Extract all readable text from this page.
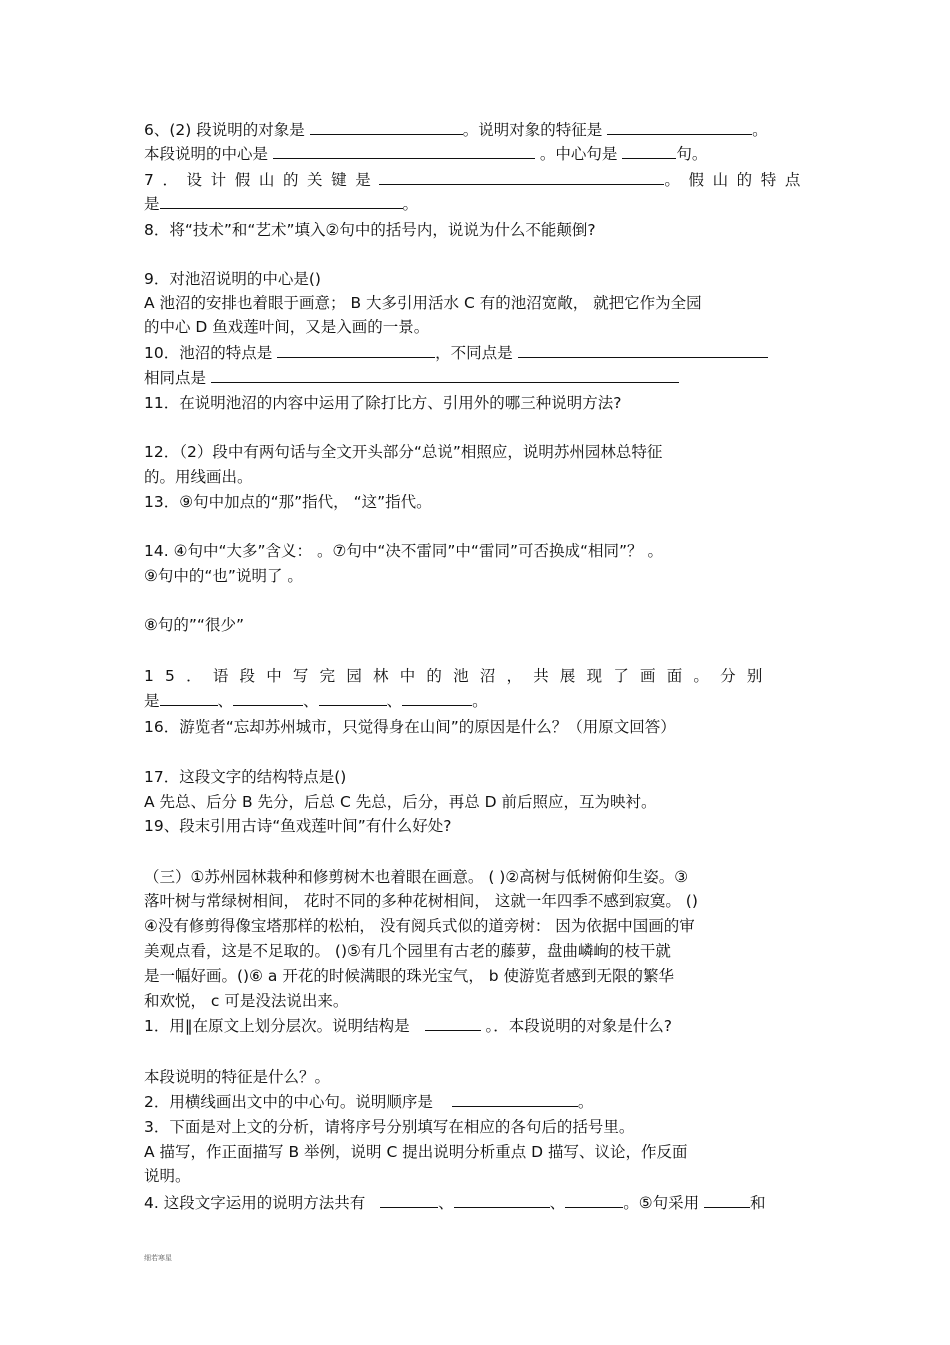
6、(2) 段说明的对象是	。说明对象的特征是	。
本段说明的中心是	。中心句是	句。
7．设计假山的关键是	。假山的特点
是	。
8．将“技术”和“艺术”填入②句中的括号内，说说为什么不能颠倒?
9．对池沼说明的中心是()
A 池沼的安排也着眼于画意； B 大多引用活水 C 有的池沼宽敞， 就把它作为全园
的中心 D 鱼戏莲叶间，又是入画的一景。
10．池沼的特点是	，不同点是
相同点是
11．在说明池沼的内容中运用了除打比方、引用外的哪三种说明方法?
12．（2）段中有两句话与全文开头部分“总说”相照应，说明苏州园林总特征
的。用线画出。
13．⑨句中加点的“那”指代， “这”指代。
14. ④句中“大多”含义： 。⑦句中“决不雷同”中“雷同”可否换成“相同”？ 。
⑨句中的“也”说明了 。
⑧句的”“很少”
15．语段中写完园林中的池沼，共展现了画面。分别
是	、	、	、	。
16．游览者“忘却苏州城市，只觉得身在山间”的原因是什么？（用原文回答）
17．这段文字的结构特点是()
A 先总、后分 B 先分，后总 C 先总，后分，再总 D 前后照应，互为映衬。
19、段末引用古诗“鱼戏莲叶间”有什么好处?
（三）①苏州园林栽种和修剪树木也着眼在画意。 ( )②高树与低树俯仰生姿。③
落叶树与常绿树相间， 花时不同的多种花树相间， 这就一年四季不感到寂寞。 ()
④没有修剪得像宝塔那样的松柏， 没有阅兵式似的道旁树： 因为依据中国画的审
美观点看，这是不足取的。 ()⑤有几个园里有古老的藤萝，盘曲嶙峋的枝干就
是一幅好画。()⑥ a 开花的时候满眼的珠光宝气， b 使游览者感到无限的繁华
和欢悦， c 可是没法说出来。
1．用‖在原文上划分层次。说明结构是	。．本段说明的对象是什么?
本段说明的特征是什么？。
2．用横线画出文中的中心句。说明顺序是	。
3．下面是对上文的分析，请将序号分别填写在相应的各句后的括号里。
A 描写，作正面描写 B 举例，说明 C 提出说明分析重点 D 描写、议论，作反面
说明。
4. 这段文字运用的说明方法共有	、	、	。⑤句采用	和
细若寒星
